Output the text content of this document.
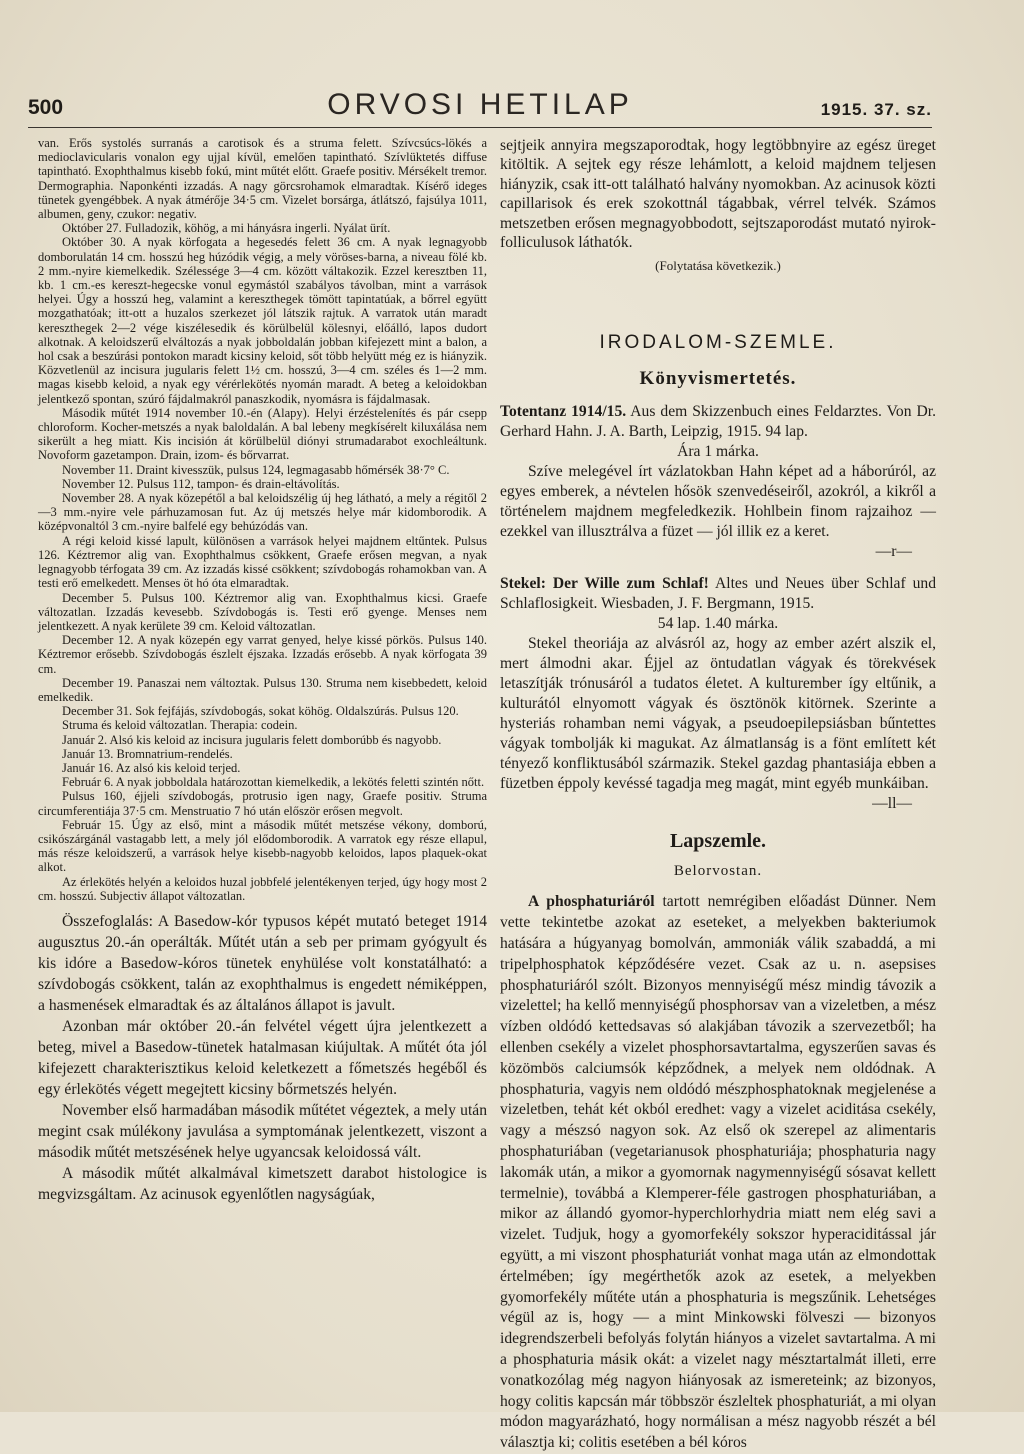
500	ORVOSI HETILAP	1915. 37. sz.

van. Erős systolés surranás a carotisok és a struma felett. Szívcsúcs-lökés a medioclavicularis vonalon egy ujjal kívül, emelően tapintható. Szívlüktetés diffuse tapintható. Exophthalmus kisebb fokú, mint műtét előtt. Graefe positiv. Mérsékelt tremor. Dermographia. Naponkénti izzadás. A nagy görcsrohamok elmaradtak. Kísérő ideges tünetek gyengébbek. A nyak átmérője 34·5 cm. Vizelet borsárga, átlátszó, fajsúlya 1011, albumen, geny, czukor: negativ.

Október 27. Fulladozik, köhög, a mi hányásra ingerli. Nyálat ürít.

Október 30. A nyak körfogata a hegesedés felett 36 cm. A nyak legnagyobb domborulatán 14 cm. hosszú heg húzódik végig, a mely vöröses-barna, a niveau fölé kb. 2 mm.-nyire kiemelkedik. Szélessége 3—4 cm. között váltakozik. Ezzel keresztben 11, kb. 1 cm.-es kereszt-hegecske vonul egymástól szabályos távolban, mint a varrások helyei. Úgy a hosszú heg, valamint a kereszthegek tömött tapintatúak, a bőrrel együtt mozgathatóak; itt-ott a huzalos szerkezet jól látszik rajtuk. A varratok után maradt kereszthegek 2—2 vége kiszélesedik és körülbelül kölesnyi, előálló, lapos dudort alkotnak. A keloidszerű elváltozás a nyak jobboldalán jobban kifejezett mint a balon, a hol csak a beszúrási pontokon maradt kicsiny keloid, sőt több helyütt még ez is hiányzik. Közvetlenül az incisura jugularis felett 1½ cm. hosszú, 3—4 cm. széles és 1—2 mm. magas kisebb keloid, a nyak egy vérérlekötés nyomán maradt. A beteg a keloidokban jelentkező spontan, szúró fájdalmakról panaszkodik, nyomásra is fájdalmasak.

Második műtét 1914 november 10.-én (Alapy). Helyi érzéstelenítés és pár csepp chloroform. Kocher-metszés a nyak baloldalán. A bal lebeny megkísérelt kiluxálása nem sikerült a heg miatt. Kis incisión át körülbelül diónyi strumadarabot exochleáltunk. Novoform gazetampon. Drain, izom- és bőrvarrat.

November 11. Draint kivesszük, pulsus 124, legmagasabb hőmérsék 38·7° C.

November 12. Pulsus 112, tampon- és drain-eltávolítás.

November 28. A nyak közepétől a bal keloidszélig új heg látható, a mely a régitől 2—3 mm.-nyire vele párhuzamosan fut. Az új metszés helye már kidomborodik. A középvonaltól 3 cm.-nyire balfelé egy behúzódás van.

A régi keloid kissé lapult, különösen a varrások helyei majdnem eltűntek. Pulsus 126. Kéztremor alig van. Exophthalmus csökkent, Graefe erősen megvan, a nyak legnagyobb térfogata 39 cm. Az izzadás kissé csökkent; szívdobogás rohamokban van. A testi erő emelkedett. Menses öt hó óta elmaradtak.

December 5. Pulsus 100. Kéztremor alig van. Exophthalmus kicsi. Graefe változatlan. Izzadás kevesebb. Szívdobogás is. Testi erő gyenge. Menses nem jelentkezett. A nyak kerülete 39 cm. Keloid változatlan.

December 12. A nyak közepén egy varrat genyed, helye kissé pörkös. Pulsus 140. Kéztremor erősebb. Szívdobogás észlelt éjszaka. Izzadás erősebb. A nyak körfogata 39 cm.

December 19. Panaszai nem változtak. Pulsus 130. Struma nem kisebbedett, keloid emelkedik.

December 31. Sok fejfájás, szívdobogás, sokat köhög. Oldalszúrás. Pulsus 120.

Struma és keloid változatlan. Therapia: codein.

Január 2. Alsó kis keloid az incisura jugularis felett domborúbb és nagyobb.

Január 13. Bromnatrium-rendelés.

Január 16. Az alsó kis keloid terjed.

Február 6. A nyak jobboldala határozottan kiemelkedik, a lekötés feletti szintén nőtt.

Pulsus 160, éjjeli szívdobogás, protrusio igen nagy, Graefe positiv. Struma circumferentiája 37·5 cm. Menstruatio 7 hó után először erősen megvolt.

Február 15. Úgy az első, mint a második műtét metszése vékony, domború, csikószárgánál vastagabb lett, a mely jól elődomborodik. A varratok egy része ellapul, más része keloidszerű, a varrások helye kisebb-nagyobb keloidos, lapos plaquek-okat alkot.

Az érlekötés helyén a keloidos huzal jobbfelé jelentékenyen terjed, úgy hogy most 2 cm. hosszú. Subjectiv állapot változatlan.

Összefoglalás: A Basedow-kór typusos képét mutató beteget 1914 augusztus 20.-án operálták. Műtét után a seb per primam gyógyult és kis idóre a Basedow-kóros tünetek enyhülése volt konstatálható: a szívdobogás csökkent, talán az exophthalmus is engedett némiképpen, a hasmenések elmaradtak és az általános állapot is javult.

Azonban már október 20.-án felvétel végett újra jelentkezett a beteg, mivel a Basedow-tünetek hatalmasan kiújultak. A műtét óta jól kifejezett charakterisztikus keloid keletkezett a főmetszés hegéből és egy érlekötés végett megejtett kicsiny bőrmetszés helyén.

November első harmadában második műtétet végeztek, a mely után megint csak múlékony javulása a symptomának jelentkezett, viszont a második műtét metszésének helye ugyancsak keloidossá vált.

A második műtét alkalmával kimetszett darabot histologice is megvizsgáltam. Az acinusok egyenlőtlen nagyságúak,

sejtjeik annyira megszaporodtak, hogy legtöbbnyire az egész üreget kitöltik. A sejtek egy része lehámlott, a keloid majdnem teljesen hiányzik, csak itt-ott található halvány nyomokban. Az acinusok közti capillarisok és erek szokottnál tágabbak, vérrel telvék. Számos metszetben erősen megnagyobbodott, sejtszaporodást mutató nyirok-folliculusok láthatók.

(Folytatása következik.)

IRODALOM-SZEMLE.
Könyvismertetés.

Totentanz 1914/15. Aus dem Skizzenbuch eines Feldarztes. Von Dr. Gerhard Hahn. J. A. Barth, Leipzig, 1915. 94 lap.

Ára 1 márka.

Szíve melegével írt vázlatokban Hahn képet ad a háborúról, az egyes emberek, a névtelen hősök szenvedéseiről, azokról, a kikről a történelem majdnem megfeledkezik. Hohlbein finom rajzaihoz — ezekkel van illusztrálva a füzet — jól illik ez a keret.

—r—

Stekel: Der Wille zum Schlaf! Altes und Neues über Schlaf und Schlaflosigkeit. Wiesbaden, J. F. Bergmann, 1915.

54 lap. 1.40 márka.

Stekel theoriája az alvásról az, hogy az ember azért alszik el, mert álmodni akar. Éjjel az öntudatlan vágyak és törekvések letaszítják trónusáról a tudatos életet. A kulturember így eltűnik, a kulturától elnyomott vágyak és ösztönök kitörnek. Szerinte a hysteriás rohamban nemi vágyak, a pseudoepilepsiásban bűntettes vágyak tombolják ki magukat. Az álmatlanság is a fönt említett két tényező konfliktusából származik. Stekel gazdag phantasiája ebben a füzetben éppoly kevéssé tagadja meg magát, mint egyéb munkáiban.

—ll—

Lapszemle.
Belorvostan.

A phosphaturiáról tartott nemrégiben előadást Dünner. Nem vette tekintetbe azokat az eseteket, a melyekben bakteriumok hatására a húgyanyag bomolván, ammoniák válik szabaddá, a mi tripelphosphatok képződésére vezet. Csak az u. n. asepsises phosphaturiáról szólt. Bizonyos mennyiségű mész mindig távozik a vizelettel; ha kellő mennyiségű phosphorsav van a vizeletben, a mész vízben oldódó kettedsavas só alakjában távozik a szervezetből; ha ellenben csekély a vizelet phosphorsavtartalma, egyszerűen savas és közömbös calciumsók képződnek, a melyek nem oldódnak. A phosphaturia, vagyis nem oldódó mészphosphatoknak megjelenése a vizeletben, tehát két okból eredhet: vagy a vizelet aciditása csekély, vagy a mészsó nagyon sok. Az első ok szerepel az alimentaris phosphaturiában (vegetarianusok phosphaturiája; phosphaturia nagy lakomák után, a mikor a gyomornak nagymennyiségű sósavat kellett termelnie), továbbá a Klemperer-féle gastrogen phosphaturiában, a mikor az állandó gyomor-hyperchlorhydria miatt nem elég savi a vizelet. Tudjuk, hogy a gyomorfekély sokszor hyperaciditással jár együtt, a mi viszont phosphaturiát vonhat maga után az elmondottak értelmében; így megérthetők azok az esetek, a melyekben gyomorfekély műtéte után a phosphaturia is megszűnik. Lehetséges végül az is, hogy — a mint Minkowski fölveszi — bizonyos idegrendszerbeli befolyás folytán hiányos a vizelet savtartalma. A mi a phosphaturia másik okát: a vizelet nagy mésztartalmát illeti, erre vonatkozólag még nagyon hiányosak az ismereteink; az bizonyos, hogy colitis kapcsán már többször észleltek phosphaturiát, a mi olyan módon magyarázható, hogy normálisan a mész nagyobb részét a bél választja ki; colitis esetében a bél kóros
